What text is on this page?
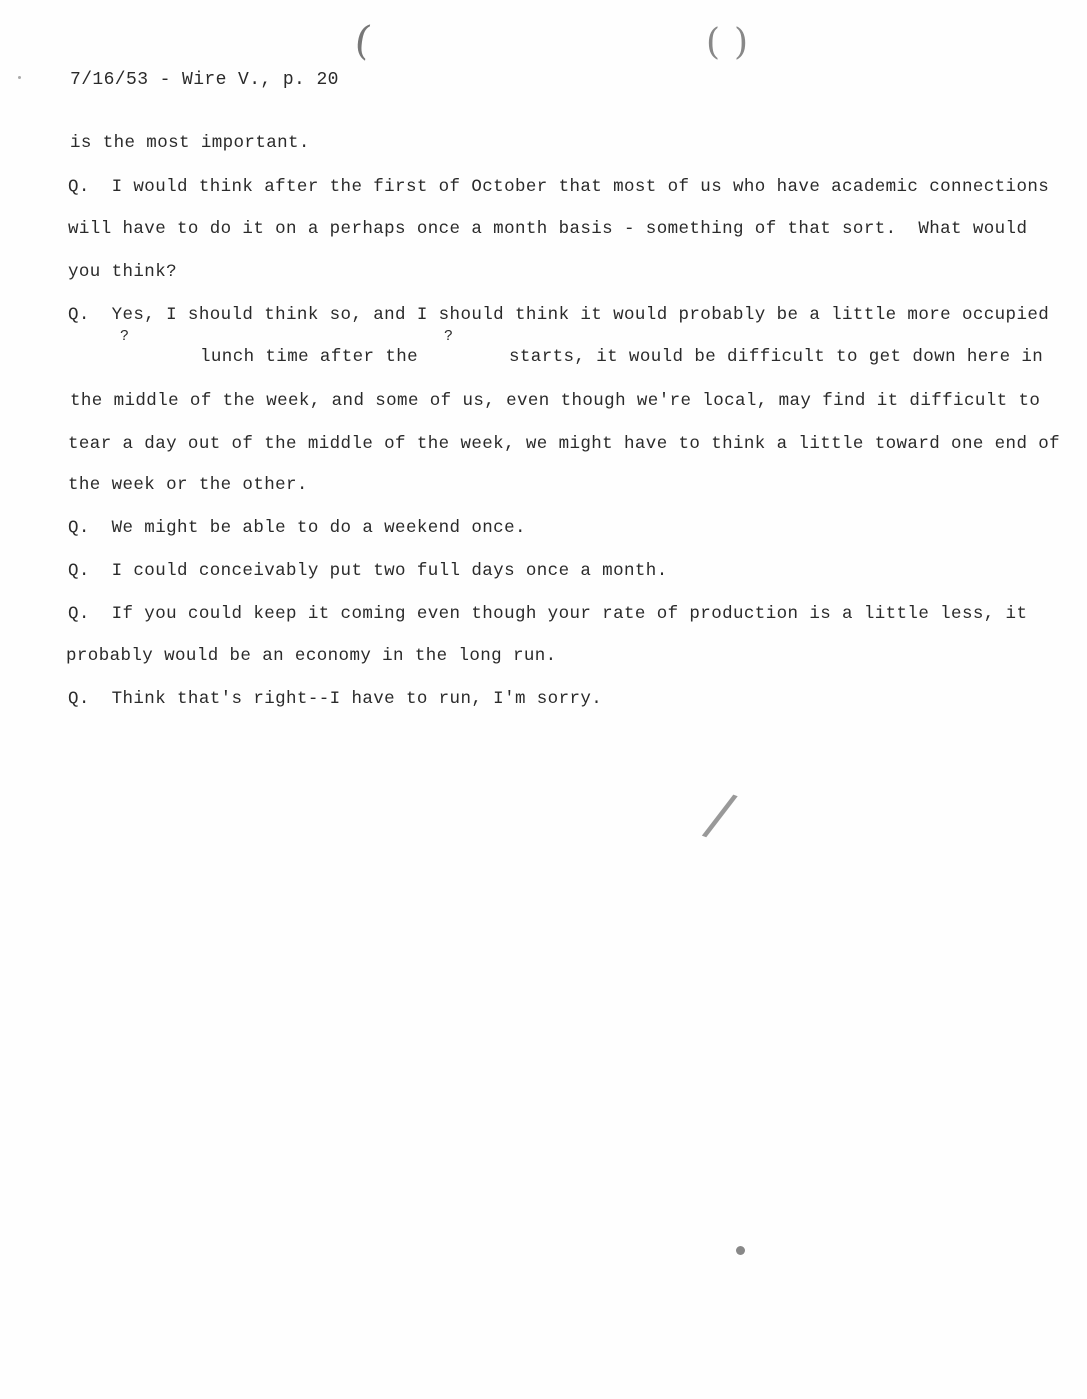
(	( )
7/16/53 - Wire V., p. 20
is the most important.
Q.  I would think after the first of October that most of us who have academic connections
will have to do it on a perhaps once a month basis - something of that sort.  What would
you think?
Q.  Yes, I should think so, and I should think it would probably be a little more occupied
?	?
lunch time after the	starts, it would be difficult to get down here in
the middle of the week, and some of us, even though we're local, may find it difficult to
tear a day out of the middle of the week, we might have to think a little toward one end of
the week or the other.
Q.  We might be able to do a weekend once.
Q.  I could conceivably put two full days once a month.
Q.  If you could keep it coming even though your rate of production is a little less, it
probably would be an economy in the long run.
Q.  Think that's right--I have to run, I'm sorry.
/
